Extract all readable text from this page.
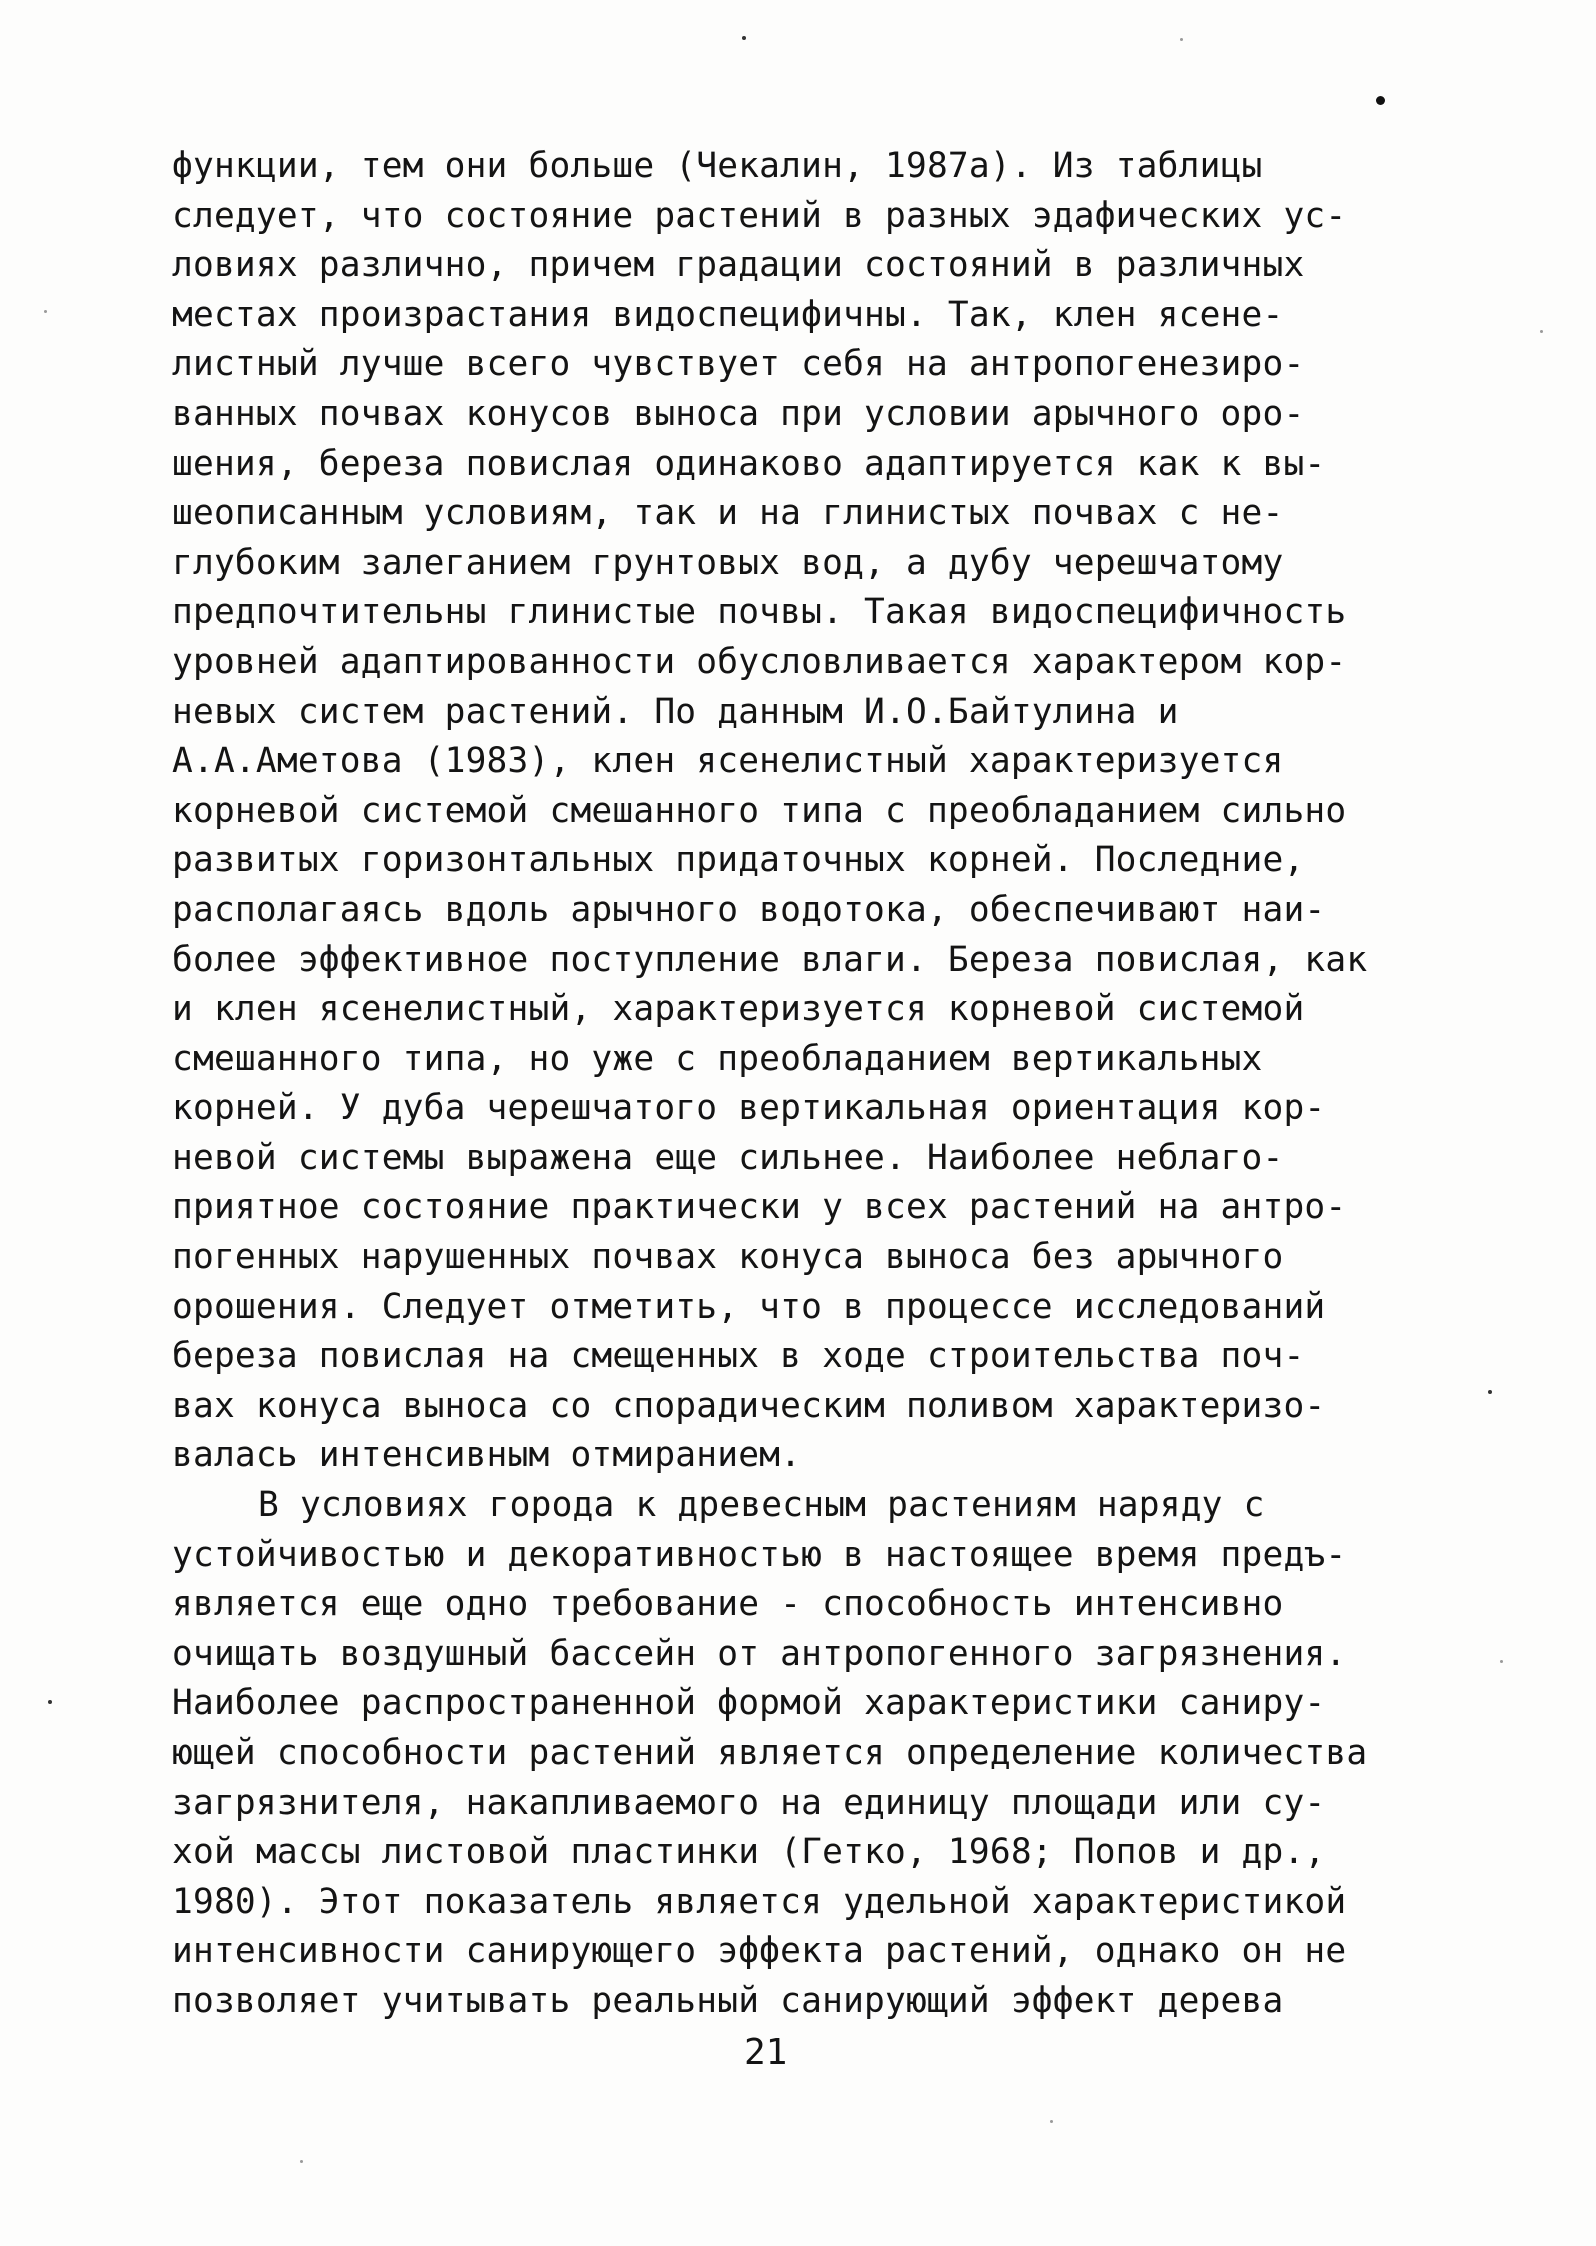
функции, тем они больше (Чекалин, 1987а). Из таблицы
следует, что состояние растений в разных эдафических ус-
ловиях различно, причем градации состояний в различных
местах произрастания видоспецифичны. Так, клен ясене-
листный лучше всего чувствует себя на антропогенезиро-
ванных почвах конусов выноса при условии арычного оро-
шения, береза повислая одинаково адаптируется как к вы-
шеописанным условиям, так и на глинистых почвах с не-
глубоким залеганием грунтовых вод, а дубу черешчатому
предпочтительны глинистые почвы. Такая видоспецифичность
уровней адаптированности обусловливается характером кор-
невых систем растений. По данным И.О.Байтулина и
А.А.Аметова (1983), клен ясенелистный характеризуется
корневой системой смешанного типа с преобладанием сильно
развитых горизонтальных придаточных корней. Последние,
располагаясь вдоль арычного водотока, обеспечивают наи-
более эффективное поступление влаги. Береза повислая, как
и клен ясенелистный, характеризуется корневой системой
смешанного типа, но уже с преобладанием вертикальных
корней. У дуба черешчатого вертикальная ориентация кор-
невой системы выражена еще сильнее. Наиболее неблаго-
приятное состояние практически у всех растений на антро-
погенных нарушенных почвах конуса выноса без арычного
орошения. Следует отметить, что в процессе исследований
береза повислая на смещенных в ходе строительства поч-
вах конуса выноса со спорадическим поливом характеризо-
валась интенсивным отмиранием.
В условиях города к древесным растениям наряду с
устойчивостью и декоративностью в настоящее время предъ-
является еще одно требование - способность интенсивно
очищать воздушный бассейн от антропогенного загрязнения.
Наиболее распространенной формой характеристики саниру-
ющей способности растений является определение количества
загрязнителя, накапливаемого на единицу площади или су-
хой массы листовой пластинки (Гетко, 1968; Попов и др.,
1980). Этот показатель является удельной характеристикой
интенсивности санирующего эффекта растений, однако он не
позволяет учитывать реальный санирующий эффект дерева
21
